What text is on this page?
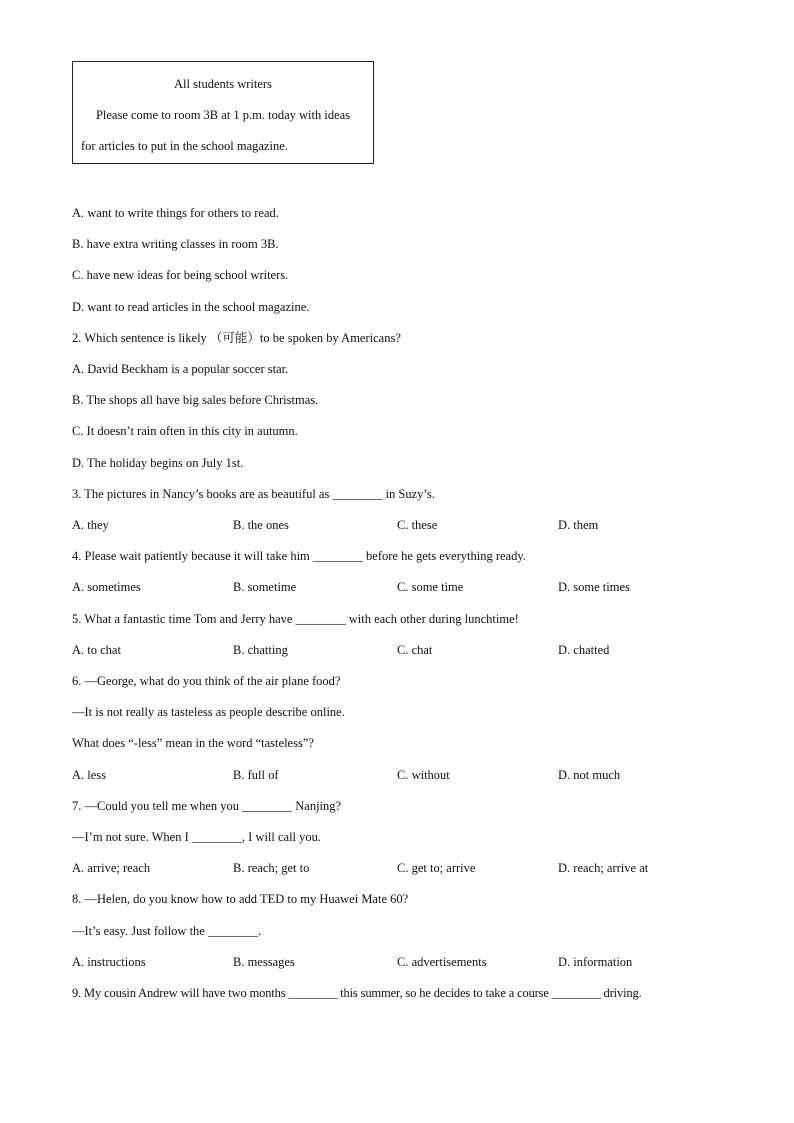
All students writers
Please come to room 3B at 1 p.m. today with ideas
for articles to put in the school magazine.
A. want to write things for others to read.
B. have extra writing classes in room 3B.
C. have new ideas for being school writers.
D. want to read articles in the school magazine.
2. Which sentence is likely （可能）to be spoken by Americans?
A. David Beckham is a popular soccer star.
B. The shops all have big sales before Christmas.
C. It doesn’t rain often in this city in autumn.
D. The holiday begins on July 1st.
3. The pictures in Nancy’s books are as beautiful as ________ in Suzy’s.
A. they	B. the ones	C. these	D. them
4. Please wait patiently because it will take him ________ before he gets everything ready.
A. sometimes	B. sometime	C. some time	D. some times
5. What a fantastic time Tom and Jerry have ________ with each other during lunchtime!
A. to chat	B. chatting	C. chat	D. chatted
6. —George, what do you think of the air plane food?
—It is not really as tasteless as people describe online.
What does “-less” mean in the word “tasteless”?
A. less	B. full of	C. without	D. not much
7. —Could you tell me when you ________ Nanjing?
—I’m not sure. When I ________, I will call you.
A. arrive; reach	B. reach; get to	C. get to; arrive	D. reach; arrive at
8. —Helen, do you know how to add TED to my Huawei Mate 60?
—It’s easy. Just follow the ________.
A. instructions	B. messages	C. advertisements	D. information
9. My cousin Andrew will have two months ________ this summer, so he decides to take a course ________ driving.
